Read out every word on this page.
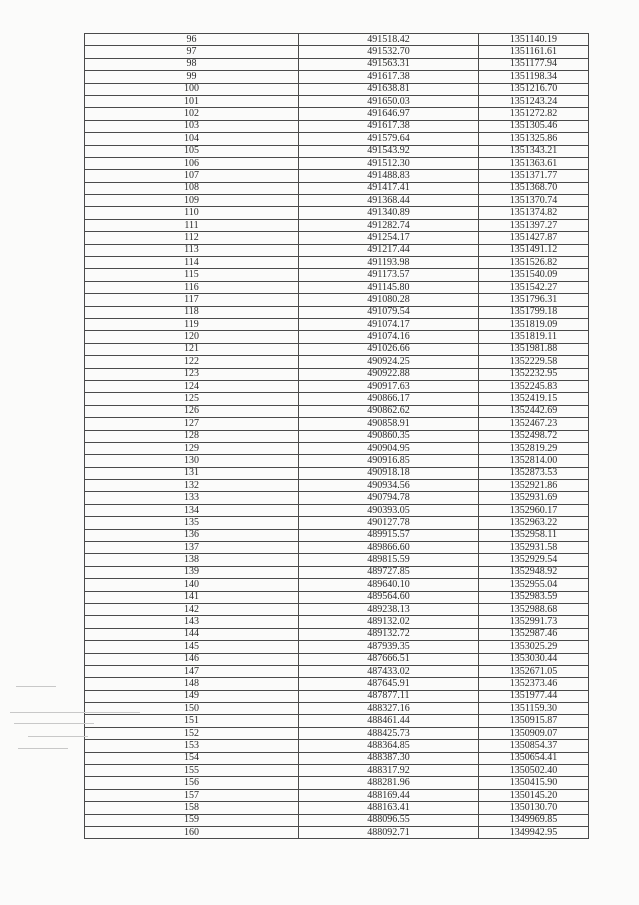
96	491518.42	1351140.19
97	491532.70	1351161.61
98	491563.31	1351177.94
99	491617.38	1351198.34
100	491638.81	1351216.70
101	491650.03	1351243.24
102	491646.97	1351272.82
103	491617.38	1351305.46
104	491579.64	1351325.86
105	491543.92	1351343.21
106	491512.30	1351363.61
107	491488.83	1351371.77
108	491417.41	1351368.70
109	491368.44	1351370.74
110	491340.89	1351374.82
111	491282.74	1351397.27
112	491254.17	1351427.87
113	491217.44	1351491.12
114	491193.98	1351526.82
115	491173.57	1351540.09
116	491145.80	1351542.27
117	491080.28	1351796.31
118	491079.54	1351799.18
119	491074.17	1351819.09
120	491074.16	1351819.11
121	491026.66	1351981.88
122	490924.25	1352229.58
123	490922.88	1352232.95
124	490917.63	1352245.83
125	490866.17	1352419.15
126	490862.62	1352442.69
127	490858.91	1352467.23
128	490860.35	1352498.72
129	490904.95	1352819.29
130	490916.85	1352814.00
131	490918.18	1352873.53
132	490934.56	1352921.86
133	490794.78	1352931.69
134	490393.05	1352960.17
135	490127.78	1352963.22
136	489915.57	1352958.11
137	489866.60	1352931.58
138	489815.59	1352929.54
139	489727.85	1352948.92
140	489640.10	1352955.04
141	489564.60	1352983.59
142	489238.13	1352988.68
143	489132.02	1352991.73
144	489132.72	1352987.46
145	487939.35	1353025.29
146	487666.51	1353030.44
147	487433.02	1352671.05
148	487645.91	1352373.46
149	487877.11	1351977.44
150	488327.16	1351159.30
151	488461.44	1350915.87
152	488425.73	1350909.07
153	488364.85	1350854.37
154	488387.30	1350654.41
155	488317.92	1350502.40
156	488281.96	1350415.90
157	488169.44	1350145.20
158	488163.41	1350130.70
159	488096.55	1349969.85
160	488092.71	1349942.95
